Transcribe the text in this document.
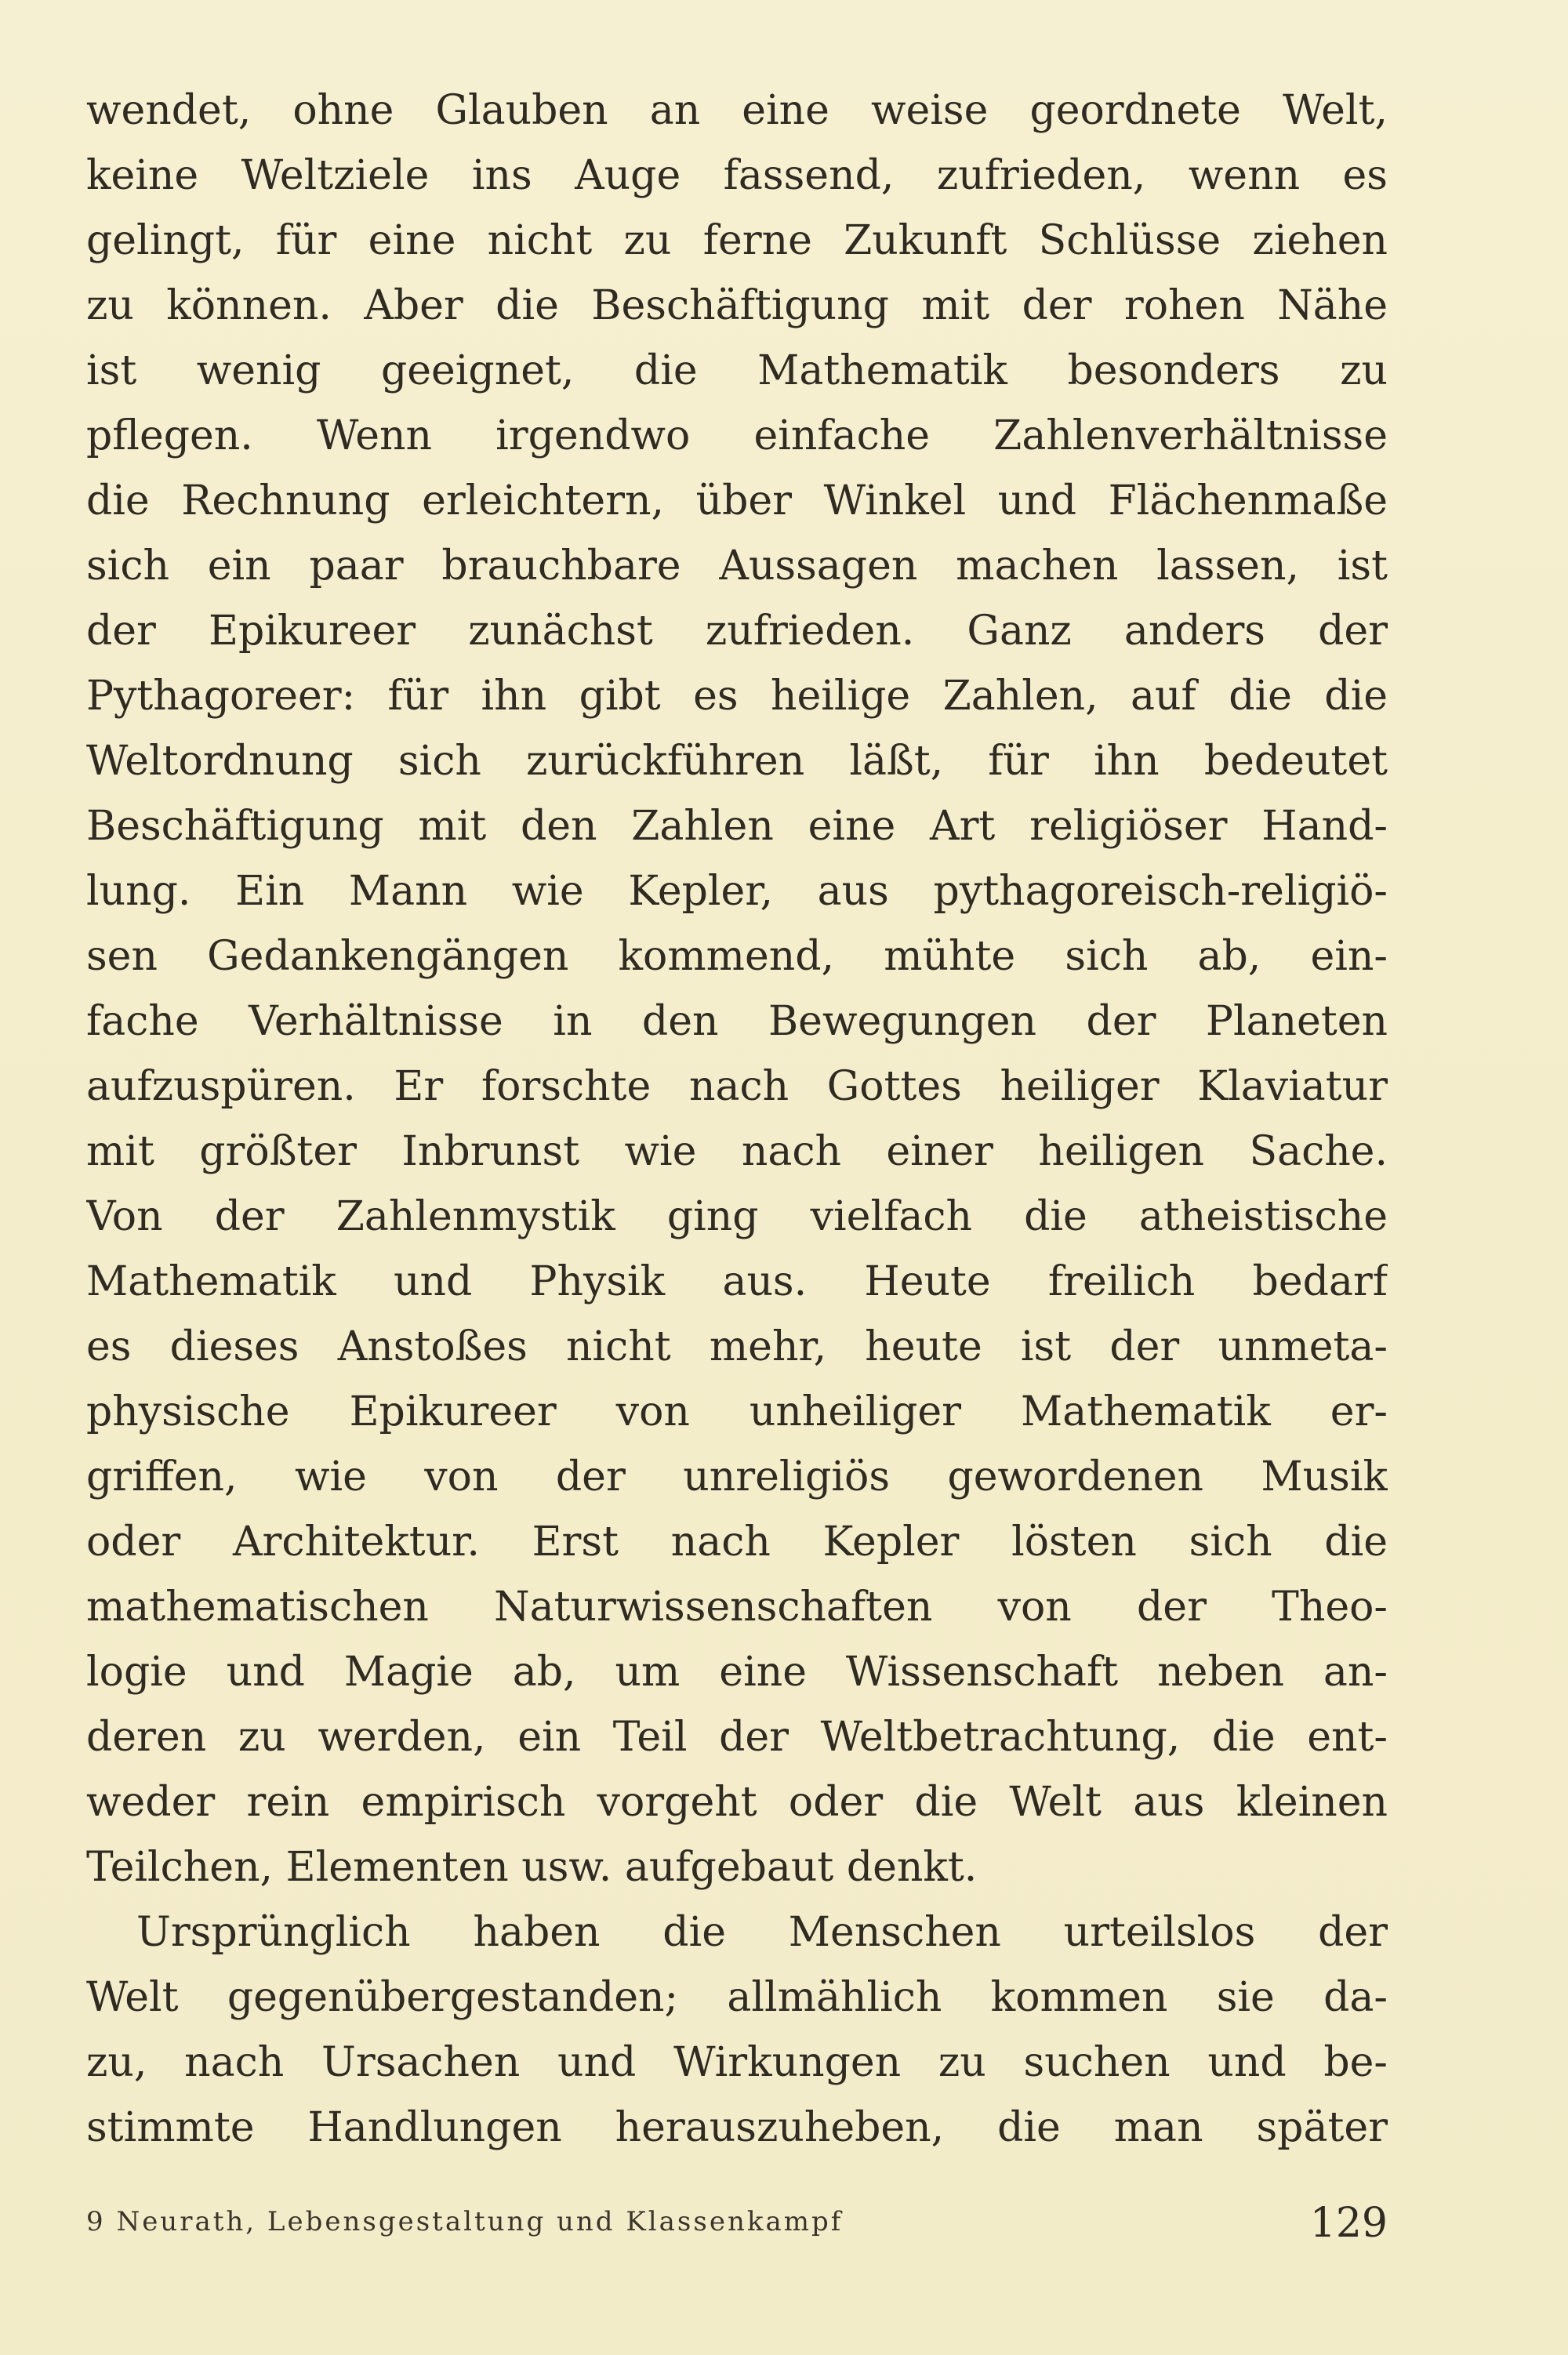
wendet, ohne Glauben an eine weise geordnete Welt,
keine Weltziele ins Auge fassend, zufrieden, wenn es
gelingt, für eine nicht zu ferne Zukunft Schlüsse ziehen
zu können. Aber die Beschäftigung mit der rohen Nähe
ist wenig geeignet, die Mathematik besonders zu
pflegen. Wenn irgendwo einfache Zahlenverhältnisse
die Rechnung erleichtern, über Winkel und Flächenmaße
sich ein paar brauchbare Aussagen machen lassen, ist
der Epikureer zunächst zufrieden. Ganz anders der
Pythagoreer: für ihn gibt es heilige Zahlen, auf die die
Weltordnung sich zurückführen läßt, für ihn bedeutet
Beschäftigung mit den Zahlen eine Art religiöser Hand-
lung. Ein Mann wie Kepler, aus pythagoreisch-religiö-
sen Gedankengängen kommend, mühte sich ab, ein-
fache Verhältnisse in den Bewegungen der Planeten
aufzuspüren. Er forschte nach Gottes heiliger Klaviatur
mit größter Inbrunst wie nach einer heiligen Sache.
Von der Zahlenmystik ging vielfach die atheistische
Mathematik und Physik aus. Heute freilich bedarf
es dieses Anstoßes nicht mehr, heute ist der unmeta-
physische Epikureer von unheiliger Mathematik er-
griffen, wie von der unreligiös gewordenen Musik
oder Architektur. Erst nach Kepler lösten sich die
mathematischen Naturwissenschaften von der Theo-
logie und Magie ab, um eine Wissenschaft neben an-
deren zu werden, ein Teil der Weltbetrachtung, die ent-
weder rein empirisch vorgeht oder die Welt aus kleinen
Teilchen, Elementen usw. aufgebaut denkt.
Ursprünglich haben die Menschen urteilslos der
Welt gegenübergestanden; allmählich kommen sie da-
zu, nach Ursachen und Wirkungen zu suchen und be-
stimmte Handlungen herauszuheben, die man später
9 Neurath, Lebensgestaltung und Klassenkampf	129
